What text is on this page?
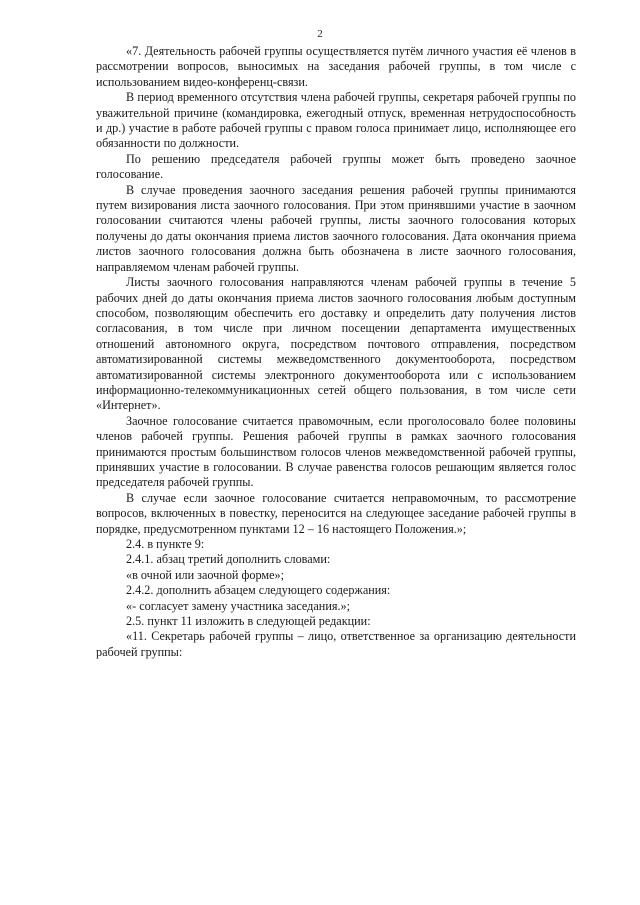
2

«7. Деятельность рабочей группы осуществляется путём личного участия её членов в рассмотрении вопросов, выносимых на заседания рабочей группы, в том числе с использованием видео-конференц-связи.

В период временного отсутствия члена рабочей группы, секретаря рабочей группы по уважительной причине (командировка, ежегодный отпуск, временная нетрудоспособность и др.) участие в работе рабочей группы с правом голоса принимает лицо, исполняющее его обязанности по должности.

По решению председателя рабочей группы может быть проведено заочное голосование.

В случае проведения заочного заседания решения рабочей группы принимаются путем визирования листа заочного голосования. При этом принявшими участие в заочном голосовании считаются члены рабочей группы, листы заочного голосования которых получены до даты окончания приема листов заочного голосования. Дата окончания приема листов заочного голосования должна быть обозначена в листе заочного голосования, направляемом членам рабочей группы.

Листы заочного голосования направляются членам рабочей группы в течение 5 рабочих дней до даты окончания приема листов заочного голосования любым доступным способом, позволяющим обеспечить его доставку и определить дату получения листов согласования, в том числе при личном посещении департамента имущественных отношений автономного округа, посредством почтового отправления, посредством автоматизированной системы межведомственного документооборота, посредством автоматизированной системы электронного документооборота или с использованием информационно-телекоммуникационных сетей общего пользования, в том числе сети «Интернет».

Заочное голосование считается правомочным, если проголосовало более половины членов рабочей группы. Решения рабочей группы в рамках заочного голосования принимаются простым большинством голосов членов межведомственной рабочей группы, принявших участие в голосовании. В случае равенства голосов решающим является голос председателя рабочей группы.

В случае если заочное голосование считается неправомочным, то рассмотрение вопросов, включенных в повестку, переносится на следующее заседание рабочей группы в порядке, предусмотренном пунктами 12 – 16 настоящего Положения.»;

2.4. в пункте 9:

2.4.1. абзац третий дополнить словами:

«в очной или заочной форме»;

2.4.2. дополнить абзацем следующего содержания:

«- согласует замену участника заседания.»;

2.5. пункт 11 изложить в следующей редакции:

«11. Секретарь рабочей группы – лицо, ответственное за организацию деятельности рабочей группы:
